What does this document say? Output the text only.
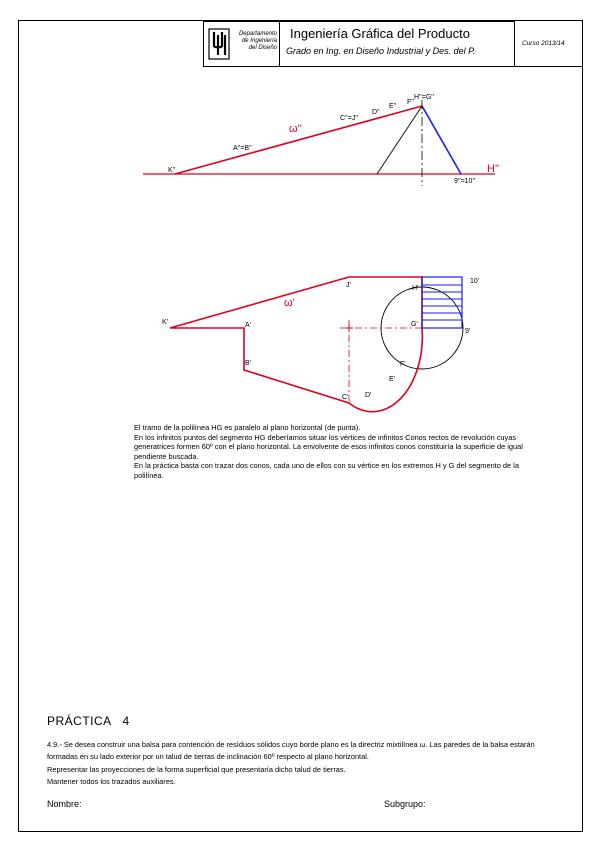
Departamento
de Ingeniería
del Diseño
Ingeniería Gráfica del Producto
Grado en Ing. en Diseño Industrial y Des. del P.
Curso 2013/14
K''
A''=B''
C''=J''
D''
E''
F''
H''=G''
9''=10''
H''
ω''
K'	A'
B'
C' D'
E'
F'
G'
H'
J'
9'
10'
ω'

El tramo de la polilínea HG es paralelo al plano horizontal (de punta).

En los infinitos puntos del segmento HG deberíamos situar los vértices de infinitos Conos rectos de revolución cuyas generatrices formen 60º con el plano horizontal. La envolvente de esos infinitos conos constituiría la superficie de igual pendiente buscada.

En la práctica basta con trazar dos conos, cada uno de ellos con su vértice en los extremos H y G del segmento de la polilínea.

PRÁCTICA   4

4.9.- Se desea construir una balsa para contención de resíduos sólidos cuyo borde plano es la directriz mixtilínea ω. Las paredes de la balsa estarán formadas en su lado exterior por un talud de tierras de inclinación 60º respecto al plano horizontal.

Representar las proyecciones de la forma superficial que presentaría dicho talud de tierras.

Mantener todos los trazados auxiliares.

Nombre:	Subgrupo:
